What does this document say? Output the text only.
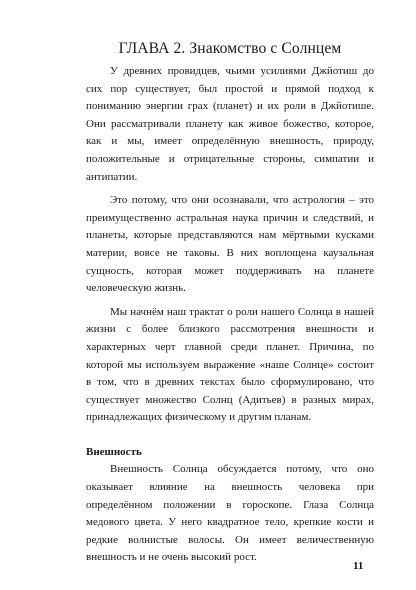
ГЛАВА 2. Знакомство с Солнцем

У древних провидцев, чьими усилиями Джйотиш до сих пор существует, был простой и прямой подход к пониманию энергии грах (планет) и их роли в Джйотише. Они рассматривали планету как живое божество, которое, как и мы, имеет определённую внешность, природу, положительные и отрицательные стороны, симпатии и антипатии.

Это потому, что они осознавали, что астрология – это преимущественно астральная наука причин и следствий, и планеты, которые представляются нам мёртвыми кусками материи, вовсе не таковы. В них воплощена каузальная сущность, которая может поддерживать на планете человеческую жизнь.

Мы начнём наш трактат о роли нашего Солнца в нашей жизни с более близкого рассмотрения внешности и характерных черт главной среди планет. Причина, по которой мы используем выражение «наше Солнце» состоит в том, что в древних текстах было сформулировано, что существует множество Солнц (Адитьев) в разных мирах, принадлежащих физическому и другим планам.

Внешность

Внешность Солнца обсуждается потому, что оно оказывает влияние на внешность человека при определённом положении в гороскопе. Глаза Солнца медового цвета. У него квадратное тело, крепкие кости и редкие волнистые волосы. Он имеет величественную внешность и не очень высокий рост.

11
